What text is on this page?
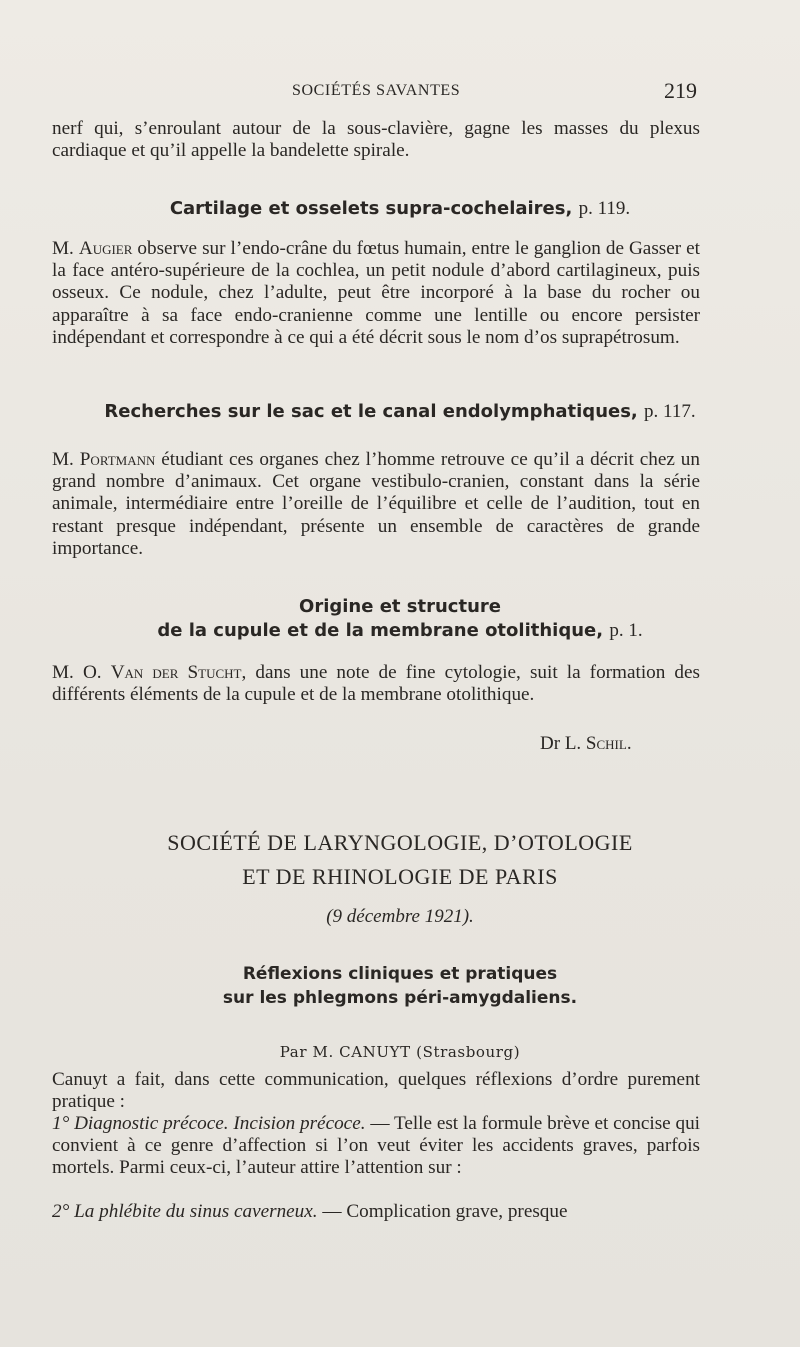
SOCIÉTÉS SAVANTES	219

nerf qui, s’enroulant autour de la sous-clavière, gagne les masses du plexus cardiaque et qu’il appelle la bandelette spirale.

Cartilage et osselets supra-cochelaires, p. 119.

M. Augier observe sur l’endo-crâne du fœtus humain, entre le ganglion de Gasser et la face antéro-supérieure de la cochlea, un petit nodule d’abord cartilagineux, puis osseux. Ce nodule, chez l’adulte, peut être incorporé à la base du rocher ou apparaître à sa face endo-cranienne comme une lentille ou encore persister indépendant et correspondre à ce qui a été décrit sous le nom d’os suprapétrosum.

Recherches sur le sac et le canal endolymphatiques, p. 117.

M. Portmann étudiant ces organes chez l’homme retrouve ce qu’il a décrit chez un grand nombre d’animaux. Cet organe vestibulo-cranien, constant dans la série animale, intermédiaire entre l’oreille de l’équilibre et celle de l’audition, tout en restant presque indépendant, présente un ensemble de caractères de grande importance.

Origine et structure
de la cupule et de la membrane otolithique, p. 1.

M. O. Van der Stucht, dans une note de fine cytologie, suit la formation des différents éléments de la cupule et de la membrane otolithique.

Dr L. Schil.
SOCIÉTÉ DE LARYNGOLOGIE, D’OTOLOGIE
ET DE RHINOLOGIE DE PARIS
(9 décembre 1921).
Réflexions cliniques et pratiques
sur les phlegmons péri-amygdaliens.
Par M. CANUYT (Strasbourg)

Canuyt a fait, dans cette communication, quelques réflexions d’ordre purement pratique :

1° Diagnostic précoce. Incision précoce. — Telle est la formule brève et concise qui convient à ce genre d’affection si l’on veut éviter les accidents graves, parfois mortels. Parmi ceux-ci, l’auteur attire l’attention sur :

2° La phlébite du sinus caverneux. — Complication grave, presque
